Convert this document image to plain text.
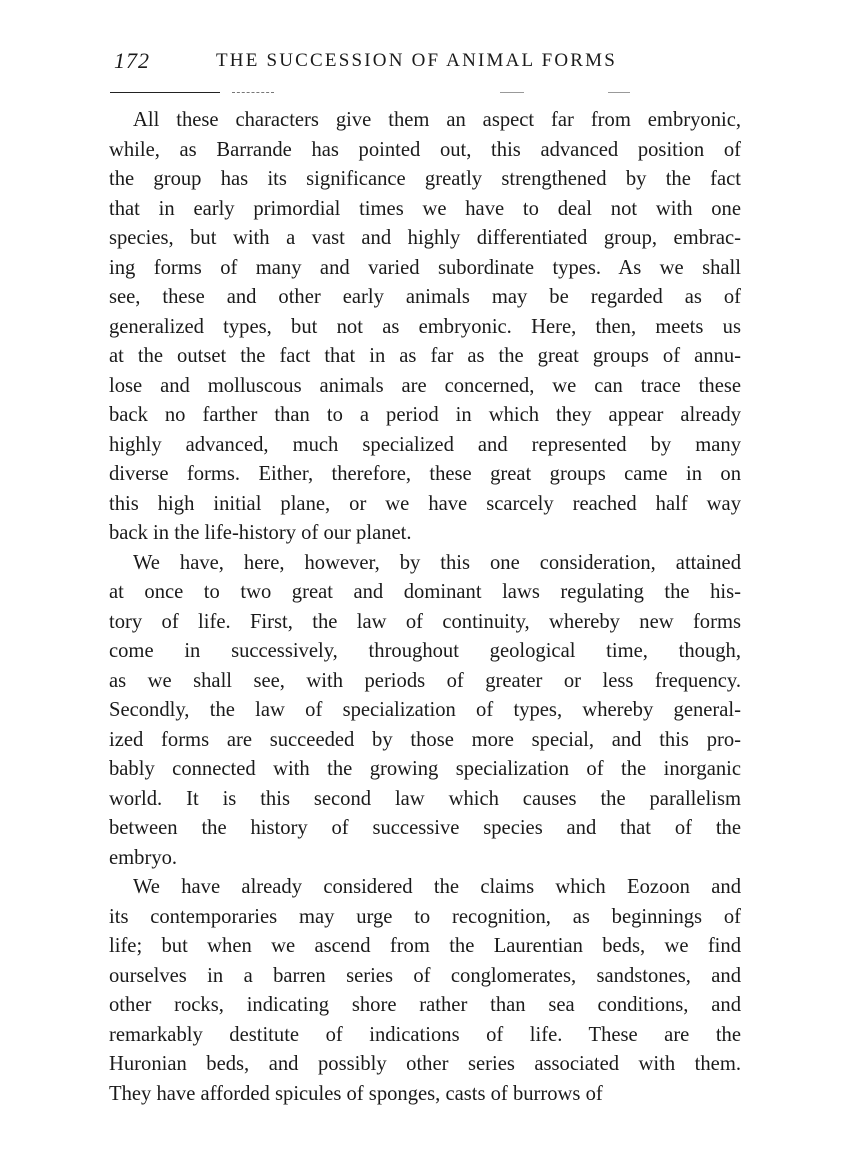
172	THE SUCCESSION OF ANIMAL FORMS
All these characters give them an aspect far from embryonic,
while, as Barrande has pointed out, this advanced position of
the group has its significance greatly strengthened by the fact
that in early primordial times we have to deal not with one
species, but with a vast and highly differentiated group, embrac-
ing forms of many and varied subordinate types. As we shall
see, these and other early animals may be regarded as of
generalized types, but not as embryonic. Here, then, meets us
at the outset the fact that in as far as the great groups of annu-
lose and molluscous animals are concerned, we can trace these
back no farther than to a period in which they appear already
highly advanced, much specialized and represented by many
diverse forms. Either, therefore, these great groups came in on
this high initial plane, or we have scarcely reached half way
back in the life-history of our planet.
We have, here, however, by this one consideration, attained
at once to two great and dominant laws regulating the his-
tory of life. First, the law of continuity, whereby new forms
come in successively, throughout geological time, though,
as we shall see, with periods of greater or less frequency.
Secondly, the law of specialization of types, whereby general-
ized forms are succeeded by those more special, and this pro-
bably connected with the growing specialization of the inorganic
world. It is this second law which causes the parallelism
between the history of successive species and that of the
embryo.
We have already considered the claims which Eozoon and
its contemporaries may urge to recognition, as beginnings of
life; but when we ascend from the Laurentian beds, we find
ourselves in a barren series of conglomerates, sandstones, and
other rocks, indicating shore rather than sea conditions, and
remarkably destitute of indications of life. These are the
Huronian beds, and possibly other series associated with them.
They have afforded spicules of sponges, casts of burrows of
